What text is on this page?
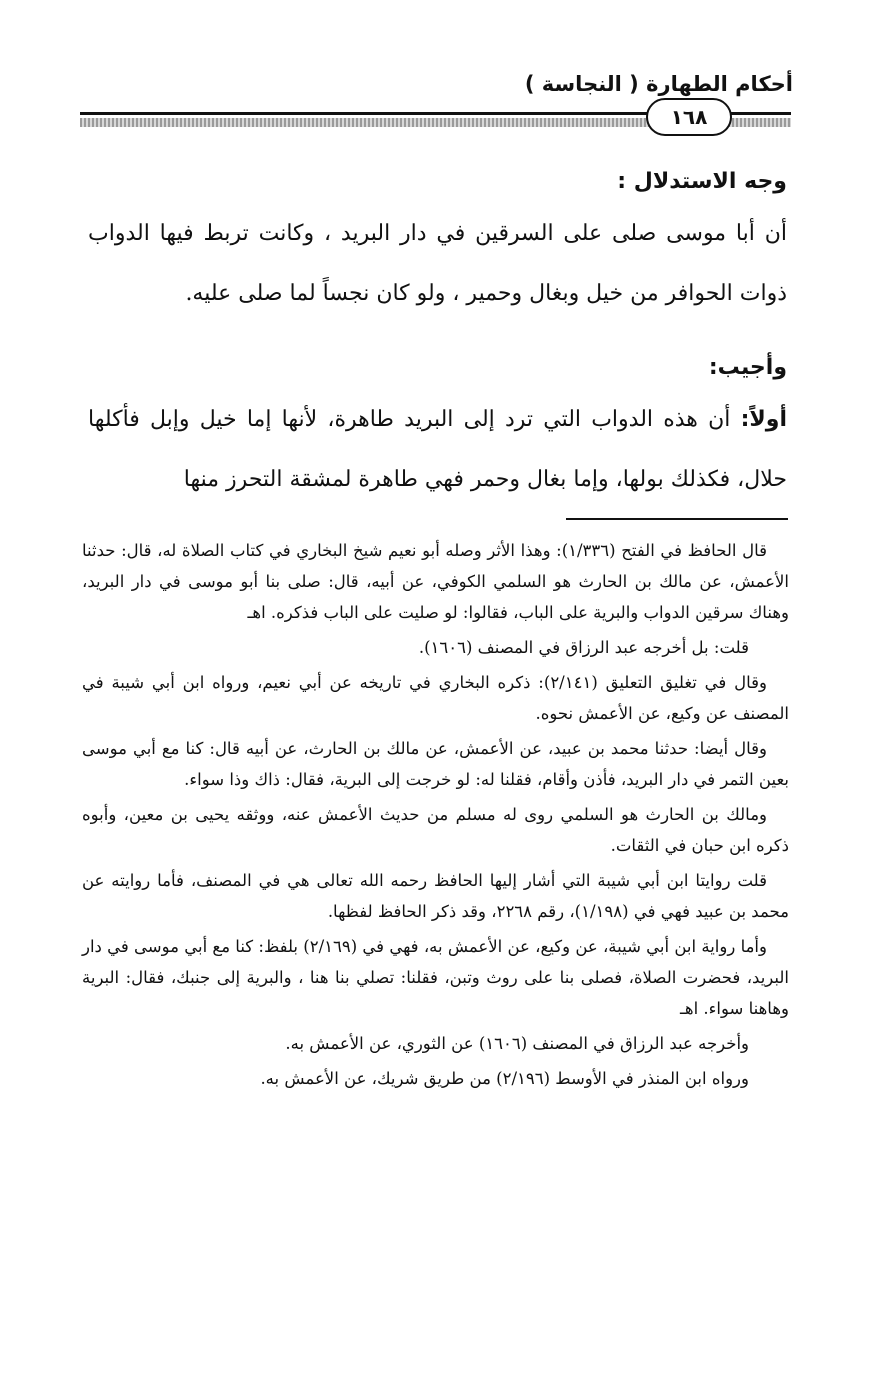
أحكام الطهارة ( النجاسة )
١٦٨

وجه الاستدلال :

أن أبا موسى صلى على السرقين في دار البريد ، وكانت تربط فيها الدواب ذوات الحوافر من خيل وبغال وحمير ، ولو كان نجساً لما صلى عليه.

وأجيب:

أولاً: أن هذه الدواب التي ترد إلى البريد طاهرة، لأنها إما خيل وإبل فأكلها حلال، فكذلك بولها، وإما بغال وحمر فهي طاهرة لمشقة التحرز منها

قال الحافظ في الفتح (١/٣٣٦): وهذا الأثر وصله أبو نعيم شيخ البخاري في كتاب الصلاة له، قال: حدثنا الأعمش، عن مالك بن الحارث هو السلمي الكوفي، عن أبيه، قال: صلى بنا أبو موسى في دار البريد، وهناك سرقين الدواب والبرية على الباب، فقالوا: لو صليت على الباب فذكره. اهـ

قلت: بل أخرجه عبد الرزاق في المصنف (١٦٠٦).

وقال في تغليق التعليق (٢/١٤١): ذكره البخاري في تاريخه عن أبي نعيم، ورواه ابن أبي شيبة في المصنف عن وكيع، عن الأعمش نحوه.

وقال أيضا: حدثنا محمد بن عبيد، عن الأعمش، عن مالك بن الحارث، عن أبيه قال: كنا مع أبي موسى بعين التمر في دار البريد، فأذن وأقام، فقلنا له: لو خرجت إلى البرية، فقال: ذاك وذا سواء.

ومالك بن الحارث هو السلمي روى له مسلم من حديث الأعمش عنه، ووثقه يحيى بن معين، وأبوه ذكره ابن حبان في الثقات.

قلت روايتا ابن أبي شيبة التي أشار إليها الحافظ رحمه الله تعالى هي في المصنف، فأما روايته عن محمد بن عبيد فهي في (١/١٩٨)، رقم ٢٢٦٨، وقد ذكر الحافظ لفظها.

وأما رواية ابن أبي شيبة، عن وكيع، عن الأعمش به، فهي في (٢/١٦٩) بلفظ: كنا مع أبي موسى في دار البريد، فحضرت الصلاة، فصلى بنا على روث وتبن، فقلنا: تصلي بنا هنا ، والبرية إلى جنبك، فقال: البرية وهاهنا سواء. اهـ

وأخرجه عبد الرزاق في المصنف (١٦٠٦) عن الثوري، عن الأعمش به.

ورواه ابن المنذر في الأوسط (٢/١٩٦) من طريق شريك، عن الأعمش به.
